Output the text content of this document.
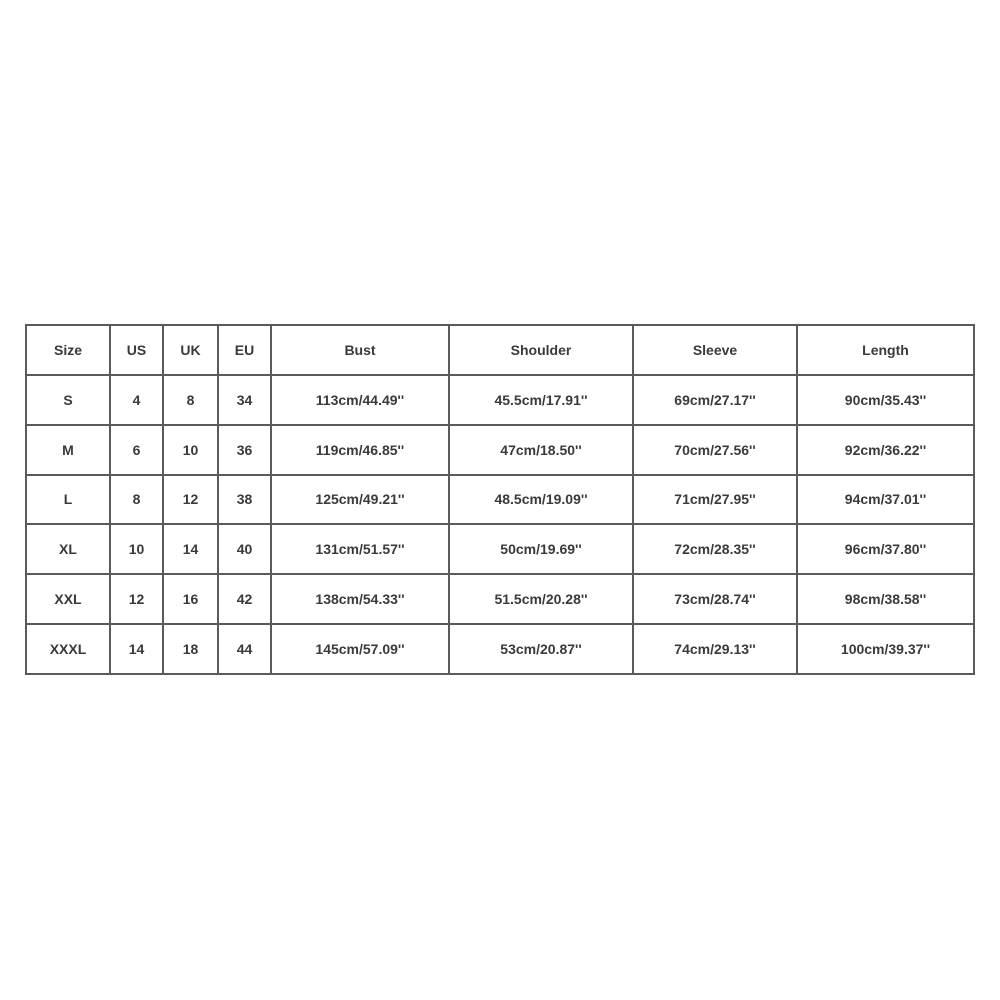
Size	US	UK	EU	Bust	Shoulder	Sleeve	Length
S	4	8	34	113cm/44.49''	45.5cm/17.91''	69cm/27.17''	90cm/35.43''
M	6	10	36	119cm/46.85''	47cm/18.50''	70cm/27.56''	92cm/36.22''
L	8	12	38	125cm/49.21''	48.5cm/19.09''	71cm/27.95''	94cm/37.01''
XL	10	14	40	131cm/51.57''	50cm/19.69''	72cm/28.35''	96cm/37.80''
XXL	12	16	42	138cm/54.33''	51.5cm/20.28''	73cm/28.74''	98cm/38.58''
XXXL	14	18	44	145cm/57.09''	53cm/20.87''	74cm/29.13''	100cm/39.37''
